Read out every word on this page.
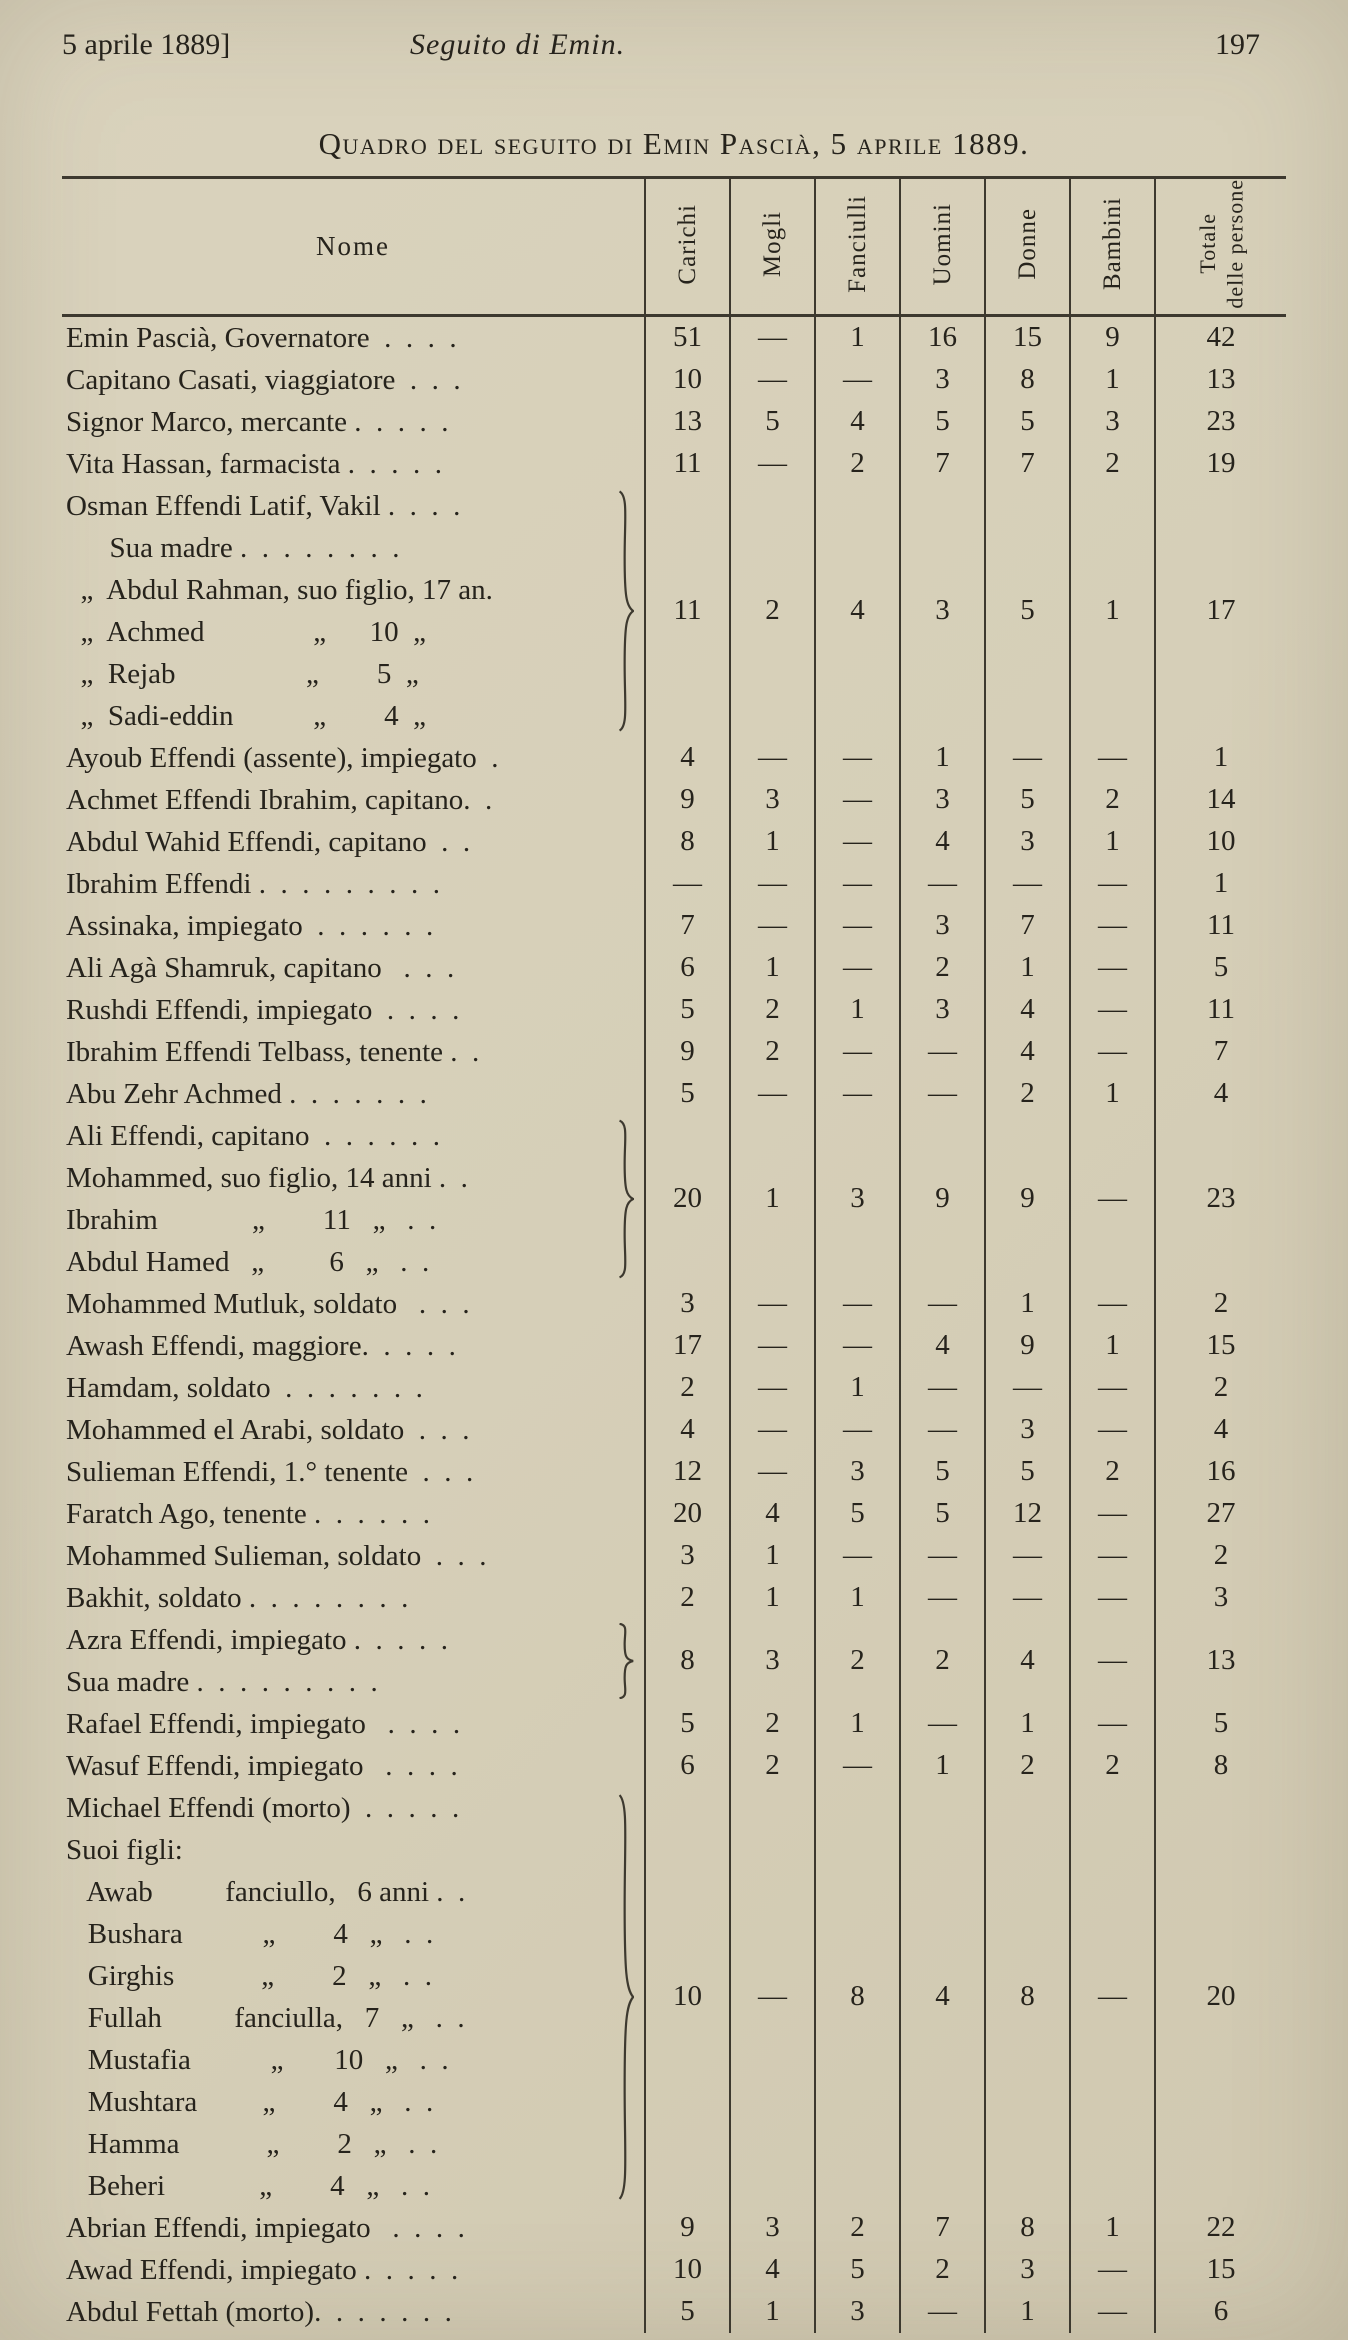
5 aprile 1889]	Seguito di Emin.	197
Quadro del seguito di Emin Pascià, 5 aprile 1889.
Nome	Carichi	Mogli	Fanciulli	Uomini	Donne	Bambini	Totale delle persone

Emin Pascià, Governatore  .  .  .  .	51	—	1	16	15	9	42

Capitano Casati, viaggiatore  .  .  .	10	—	—	3	8	1	13

Signor Marco, mercante .  .  .  .  .	13	5	4	5	5	3	23

Vita Hassan, farmacista .  .  .  .  .	11	—	2	7	7	2	19

Osman Effendi Latif, Vakil .  .  .  .
Sua madre .  .  .  .  .  .  .  .
„  Abdul Rahman, suo figlio, 17 an.
„  Achmed               „      10  „
„  Rejab                  „        5  „
„  Sadi-eddin           „        4  „
	11	2	4	3	5	1	17

Ayoub Effendi (assente), impiegato  .	4	—	—	1	—	—	1

Achmet Effendi Ibrahim, capitano.  .	9	3	—	3	5	2	14

Abdul Wahid Effendi, capitano  .  .	8	1	—	4	3	1	10

Ibrahim Effendi .  .  .  .  .  .  .  .  .	—	—	—	—	—	—	1

Assinaka, impiegato  .  .  .  .  .  .	7	—	—	3	7	—	11

Ali Agà Shamruk, capitano   .  .  .	6	1	—	2	1	—	5

Rushdi Effendi, impiegato  .  .  .  .	5	2	1	3	4	—	11

Ibrahim Effendi Telbass, tenente .  .	9	2	—	—	4	—	7

Abu Zehr Achmed .  .  .  .  .  .  .	5	—	—	—	2	1	4

Ali Effendi, capitano  .  .  .  .  .  .
Mohammed, suo figlio, 14 anni .  .
Ibrahim             „        11   „   .  .
Abdul Hamed   „         6   „   .  .	20	1	3	9	9	—	23

Mohammed Mutluk, soldato   .  .  .	3	—	—	—	1	—	2

Awash Effendi, maggiore.  .  .  .  .	17	—	—	4	9	1	15

Hamdam, soldato  .  .  .  .  .  .  .	2	—	1	—	—	—	2

Mohammed el Arabi, soldato  .  .  .	4	—	—	—	3	—	4

Sulieman Effendi, 1.° tenente  .  .  .	12	—	3	5	5	2	16

Faratch Ago, tenente .  .  .  .  .  .	20	4	5	5	12	—	27

Mohammed Sulieman, soldato  .  .  .	3	1	—	—	—	—	2

Bakhit, soldato .  .  .  .  .  .  .  .	2	1	1	—	—	—	3

Azra Effendi, impiegato .  .  .  .  .
Sua madre .  .  .  .  .  .  .  .  .	8	3	2	2	4	—	13

Rafael Effendi, impiegato   .  .  .  .	5	2	1	—	1	—	5

Wasuf Effendi, impiegato   .  .  .  .	6	2	—	1	2	2	8

Michael Effendi (morto)  .  .  .  .  .
Suoi figli:
Awab          fanciullo,   6 anni .  .
Bushara           „        4   „   .  .
Girghis            „        2   „   .  .
Fullah          fanciulla,   7   „   .  .
Mustafia           „       10   „   .  .
Mushtara         „        4   „   .  .
Hamma            „        2   „   .  .
Beheri             „        4   „   .  .
	10	—	8	4	8	—	20

Abrian Effendi, impiegato   .  .  .  .	9	3	2	7	8	1	22

Awad Effendi, impiegato .  .  .  .  .	10	4	5	2	3	—	15

Abdul Fettah (morto).  .  .  .  .  .  .	5	1	3	—	1	—	6
